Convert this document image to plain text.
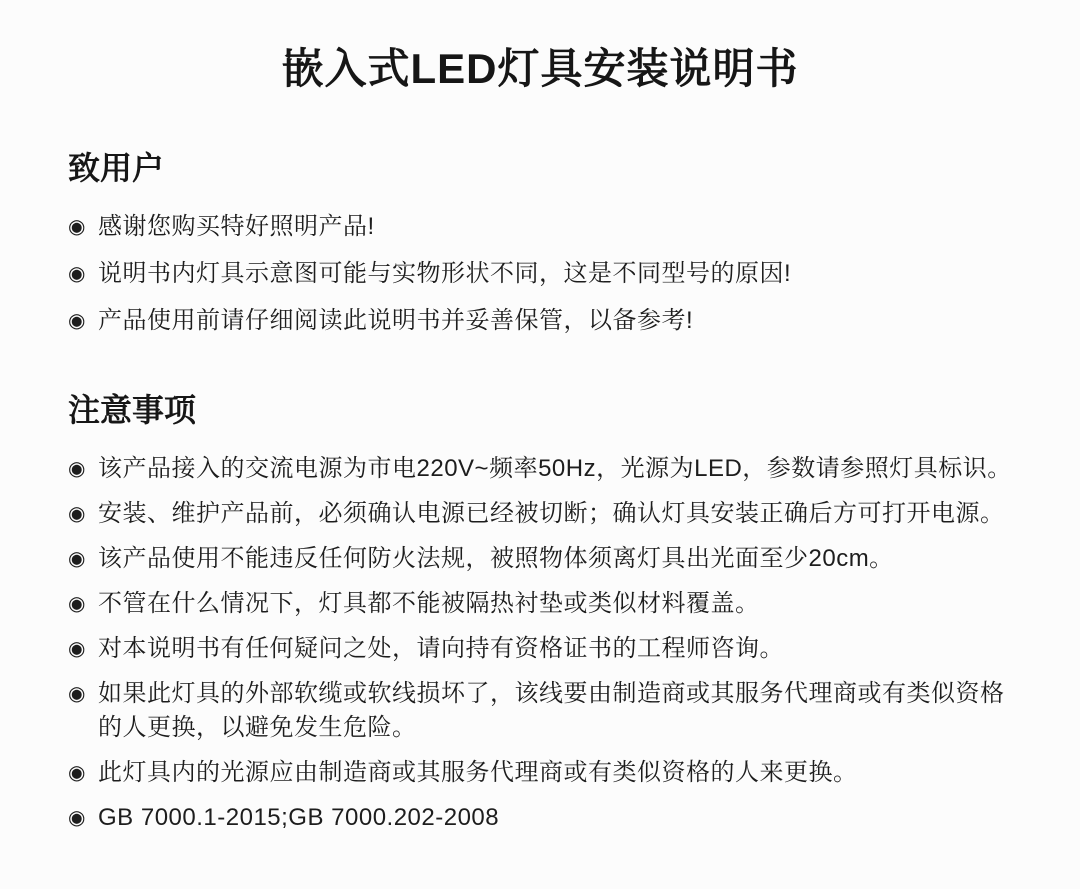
嵌入式LED灯具安装说明书
致用户
◉ 感谢您购买特好照明产品!
◉ 说明书内灯具示意图可能与实物形状不同，这是不同型号的原因!
◉ 产品使用前请仔细阅读此说明书并妥善保管，以备参考!
注意事项
◉ 该产品接入的交流电源为市电220V~频率50Hz，光源为LED，参数请参照灯具标识。
◉ 安装、维护产品前，必须确认电源已经被切断；确认灯具安装正确后方可打开电源。
◉ 该产品使用不能违反任何防火法规，被照物体须离灯具出光面至少20cm。
◉ 不管在什么情况下，灯具都不能被隔热衬垫或类似材料覆盖。
◉ 对本说明书有任何疑问之处，请向持有资格证书的工程师咨询。
◉ 如果此灯具的外部软缆或软线损坏了，该线要由制造商或其服务代理商或有类似资格的人更换，以避免发生危险。
◉ 此灯具内的光源应由制造商或其服务代理商或有类似资格的人来更换。
◉ GB 7000.1-2015;GB 7000.202-2008
